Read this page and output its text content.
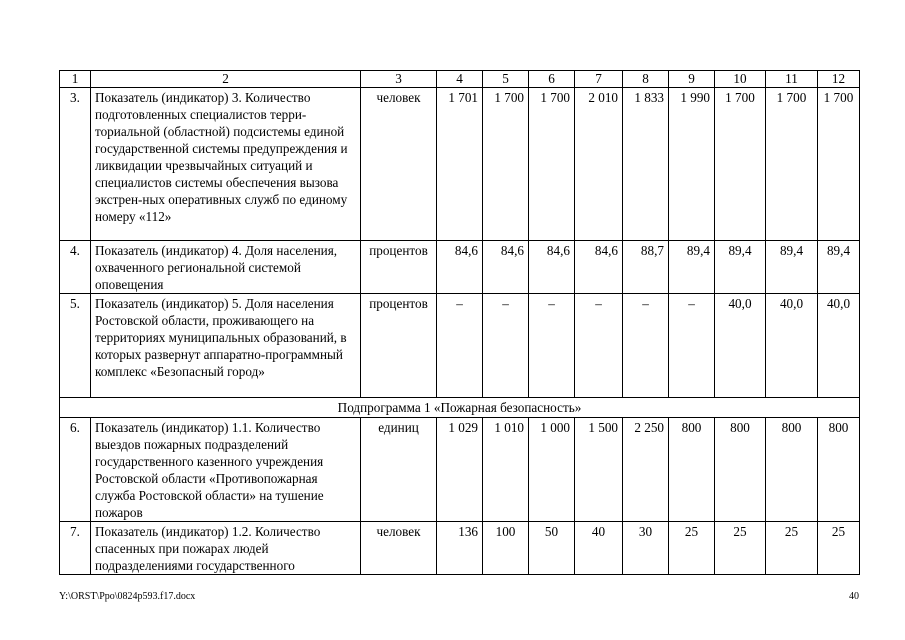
1	2	3	4	5	6	7	8	9	10	11	12
3.	Показатель (индикатор) 3. Количество подготовленных специалистов терри-ториальной (областной) подсистемы единой государственной системы предупреждения и ликвидации чрезвычайных ситуаций и специалистов системы обеспечения вызова экстрен-ных оперативных служб по единому номеру «112»	человек	1 701	1 700	1 700	2 010	1 833	1 990	1 700	1 700	1 700
4.	Показатель (индикатор) 4. Доля населения, охваченного региональной системой оповещения	процентов	84,6	84,6	84,6	84,6	88,7	89,4	89,4	89,4	89,4
5.	Показатель (индикатор) 5. Доля населения Ростовской области, проживающего на территориях муниципальных образований, в которых развернут аппаратно-программный комплекс «Безопасный город»	процентов	–	–	–	–	–	–	40,0	40,0	40,0
Подпрограмма 1 «Пожарная безопасность»											
6.	Показатель (индикатор) 1.1. Количество выездов пожарных подразделений государственного казенного учреждения Ростовской области «Противопожарная служба Ростовской области» на тушение пожаров	единиц	1 029	1 010	1 000	1 500	2 250	800	800	800	800
7.	Показатель (индикатор) 1.2. Количество спасенных при пожарах людей подразделениями государственного	человек	136	100	50	40	30	25	25	25	25
Y:\ORST\Ppo\0824p593.f17.docx	40
